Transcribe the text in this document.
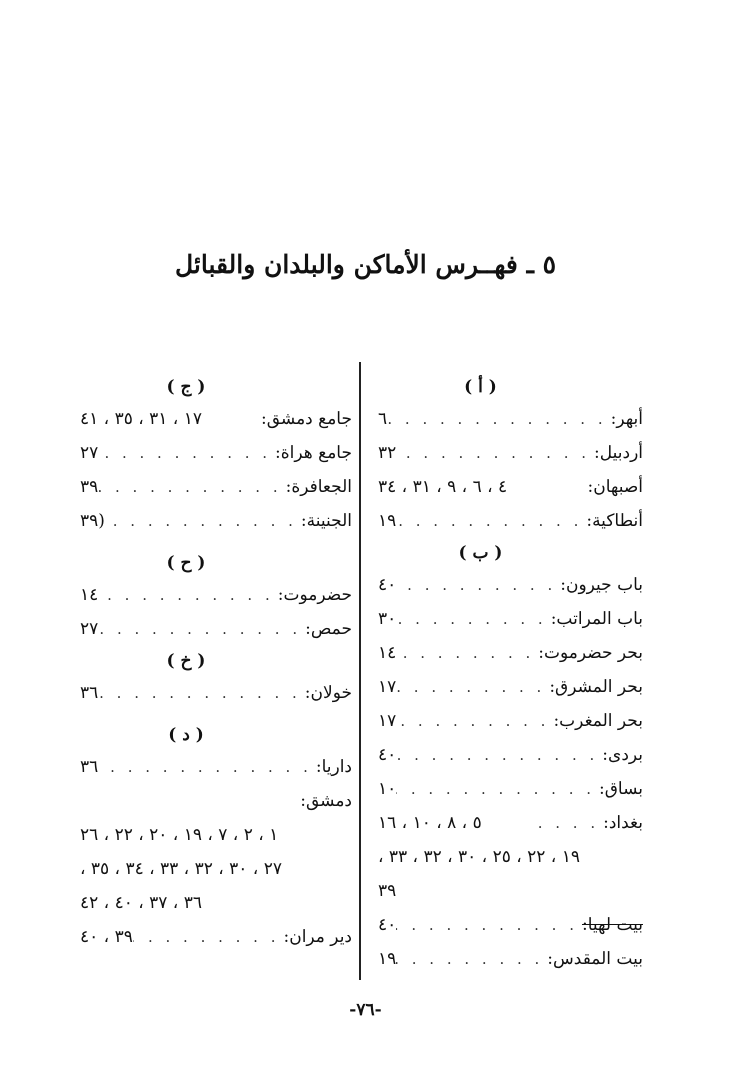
٥ ـ فهــرس الأماكن والبلدان والقبائل
( أ )
أبهر:
. . .
٦
أردبيل:
. . .
٣٢
أصبهان:
٤ ، ٦ ، ٩ ، ٣١ ، ٣٤
أنطاكية:
. . .
١٩
( ب )
باب جيرون:
. . .
٤٠
باب المراتب:
. . .
٣٠
بحر حضرموت:
. . .
١٤
بحر المشرق:
. . .
١٧
بحر المغرب:
. . .
١٧
بردى:
. . .
٤٠
بساق:
. . .
١٠
بغداد:
. . .
٥ ، ٨ ، ١٠ ، ١٦
١٩ ، ٢٢ ، ٢٥ ، ٣٠ ، ٣٢ ، ٣٣ ،
٣٩
بيت لهيا:
. . .
٤٠
بيت المقدس:
. . .
١٩
( ج )
جامع دمشق:
١٧ ، ٣١ ، ٣٥ ، ٤١
جامع هراة:
. . .
٢٧
الجعافرة:
. . .
٣٩
الجنينة:
. . .
(٣٩
( ح )
حضرموت:
. . .
١٤
حمص:
. . .
٢٧
( خ )
خولان:
. . .
٣٦
( د )
داريا:
. . .
٣٦
دمشق:
١ ، ٢ ، ٧ ، ١٩ ، ٢٠ ، ٢٢ ، ٢٦
٢٧ ، ٣٠ ، ٣٢ ، ٣٣ ، ٣٤ ، ٣٥ ،
٣٦ ، ٣٧ ، ٤٠ ، ٤٢
دير مران:
. . .
٣٩ ، ٤٠
-٧٦-
